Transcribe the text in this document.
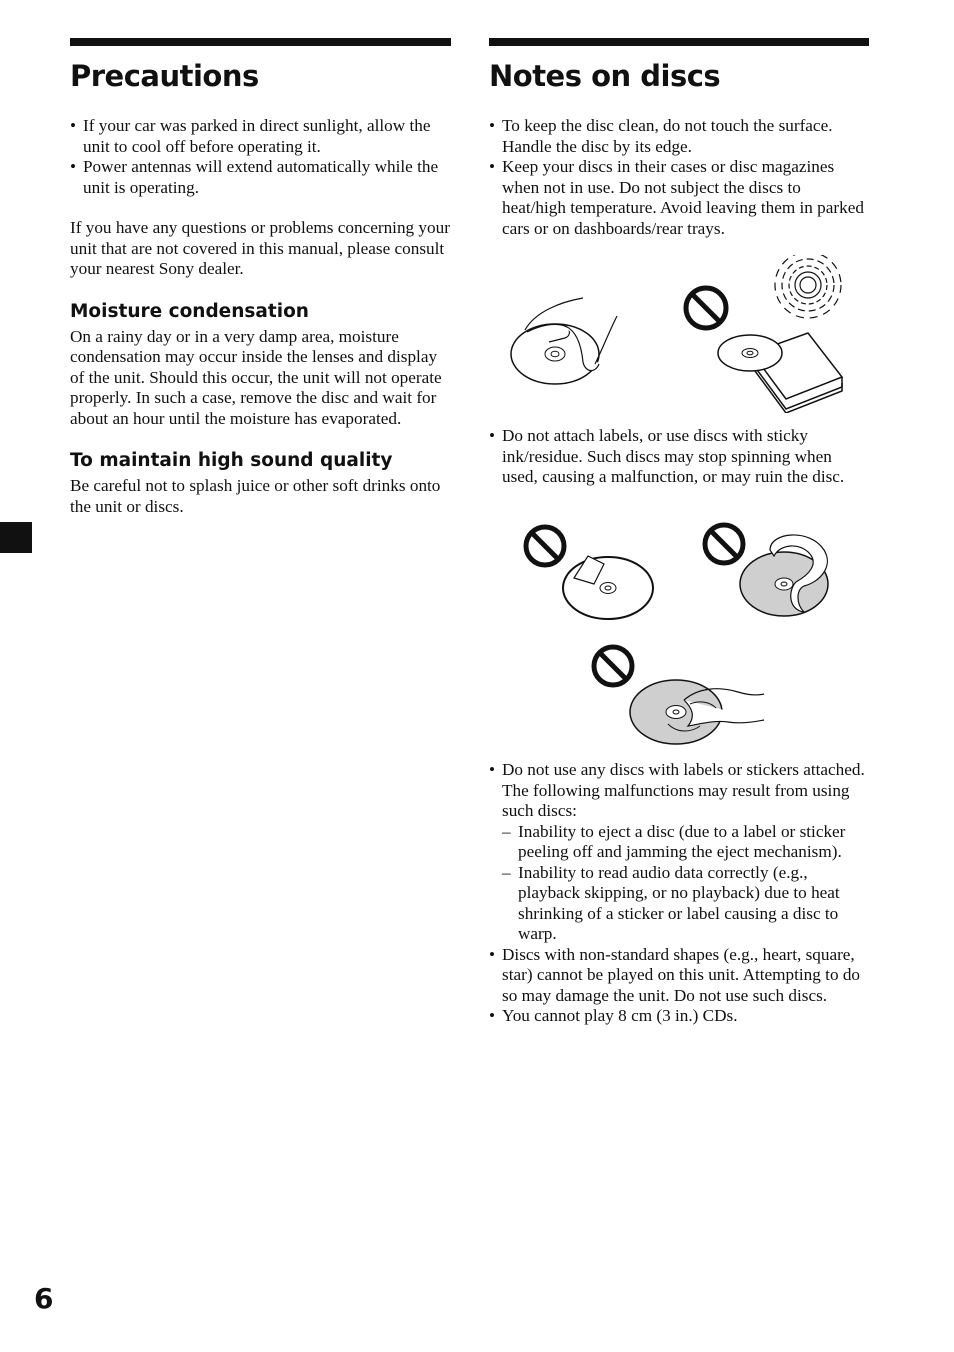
Precautions
• If your car was parked in direct sunlight, allow the unit to cool off before operating it.
• Power antennas will extend automatically while the unit is operating.

If you have any questions or problems concerning your unit that are not covered in this manual, please consult your nearest Sony dealer.

Moisture condensation

On a rainy day or in a very damp area, moisture condensation may occur inside the lenses and display of the unit. Should this occur, the unit will not operate properly. In such a case, remove the disc and wait for about an hour until the moisture has evaporated.

To maintain high sound quality

Be careful not to splash juice or other soft drinks onto the unit or discs.

Notes on discs
• To keep the disc clean, do not touch the surface. Handle the disc by its edge.
• Keep your discs in their cases or disc magazines when not in use. Do not subject the discs to heat/high temperature. Avoid leaving them in parked cars or on dashboards/rear trays.
• Do not attach labels, or use discs with sticky ink/residue. Such discs may stop spinning when used, causing a malfunction, or may ruin the disc.
• Do not use any discs with labels or stickers attached.
The following malfunctions may result from using such discs:
– Inability to eject a disc (due to a label or sticker peeling off and jamming the eject mechanism).
– Inability to read audio data correctly (e.g., playback skipping, or no playback) due to heat shrinking of a sticker or label causing a disc to warp.
• Discs with non-standard shapes (e.g., heart, square, star) cannot be played on this unit. Attempting to do so may damage the unit. Do not use such discs.
• You cannot play 8 cm (3 in.) CDs.
6
